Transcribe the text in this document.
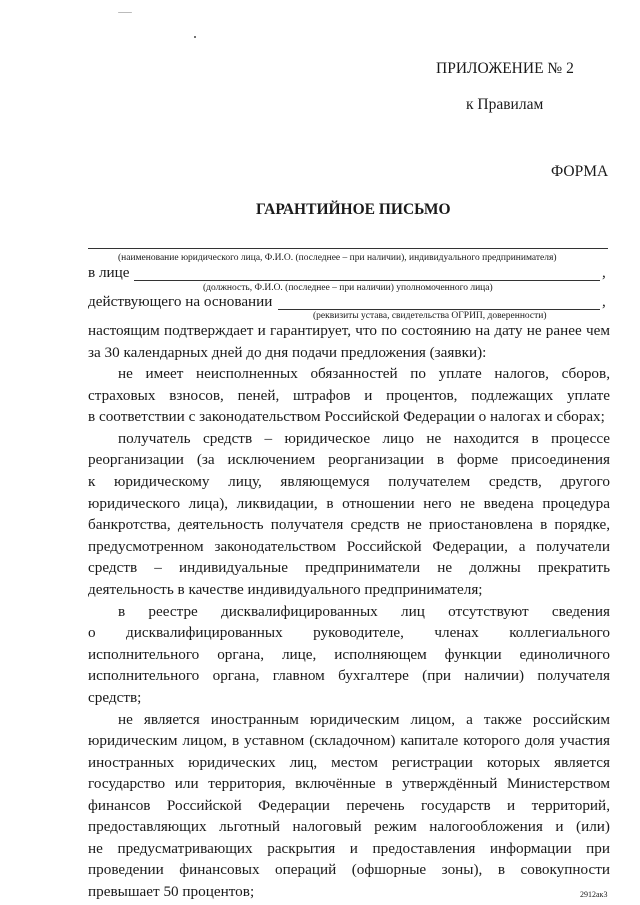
ПРИЛОЖЕНИЕ № 2
к Правилам
ФОРМА
ГАРАНТИЙНОЕ ПИСЬМО
(наименование юридического лица, Ф.И.О. (последнее – при наличии), индивидуального предпринимателя)
в лице	,
(должность, Ф.И.О. (последнее – при наличии) уполномоченного лица)
действующего на основании	,
(реквизиты устава, свидетельства ОГРИП, доверенности)
настоящим подтверждает и гарантирует, что по состоянию на дату не ранее чем
за 30 календарных дней до дня подачи предложения (заявки):
не имеет неисполненных обязанностей по уплате налогов, сборов,
страховых взносов, пеней, штрафов и процентов, подлежащих уплате
в соответствии с законодательством Российской Федерации о налогах и сборах;
получатель средств – юридическое лицо не находится в процессе
реорганизации (за исключением реорганизации в форме присоединения
к юридическому лицу, являющемуся получателем средств, другого
юридического лица), ликвидации, в отношении него не введена процедура
банкротства, деятельность получателя средств не приостановлена в порядке,
предусмотренном законодательством Российской Федерации, а получатели
средств – индивидуальные предприниматели не должны прекратить
деятельность в качестве индивидуального предпринимателя;
в реестре дисквалифицированных лиц отсутствуют сведения
о дисквалифицированных руководителе, членах коллегиального
исполнительного органа, лице, исполняющем функции единоличного
исполнительного органа, главном бухгалтере (при наличии) получателя
средств;
не является иностранным юридическим лицом, а также российским
юридическим лицом, в уставном (складочном) капитале которого доля участия
иностранных юридических лиц, местом регистрации которых является
государство или территория, включённые в утверждённый Министерством
финансов Российской Федерации перечень государств и территорий,
предоставляющих льготный налоговый режим налогообложения и (или)
не предусматривающих раскрытия и предоставления информации при
проведении финансовых операций (офшорные зоны), в совокупности
превышает 50 процентов;	2912ак3
